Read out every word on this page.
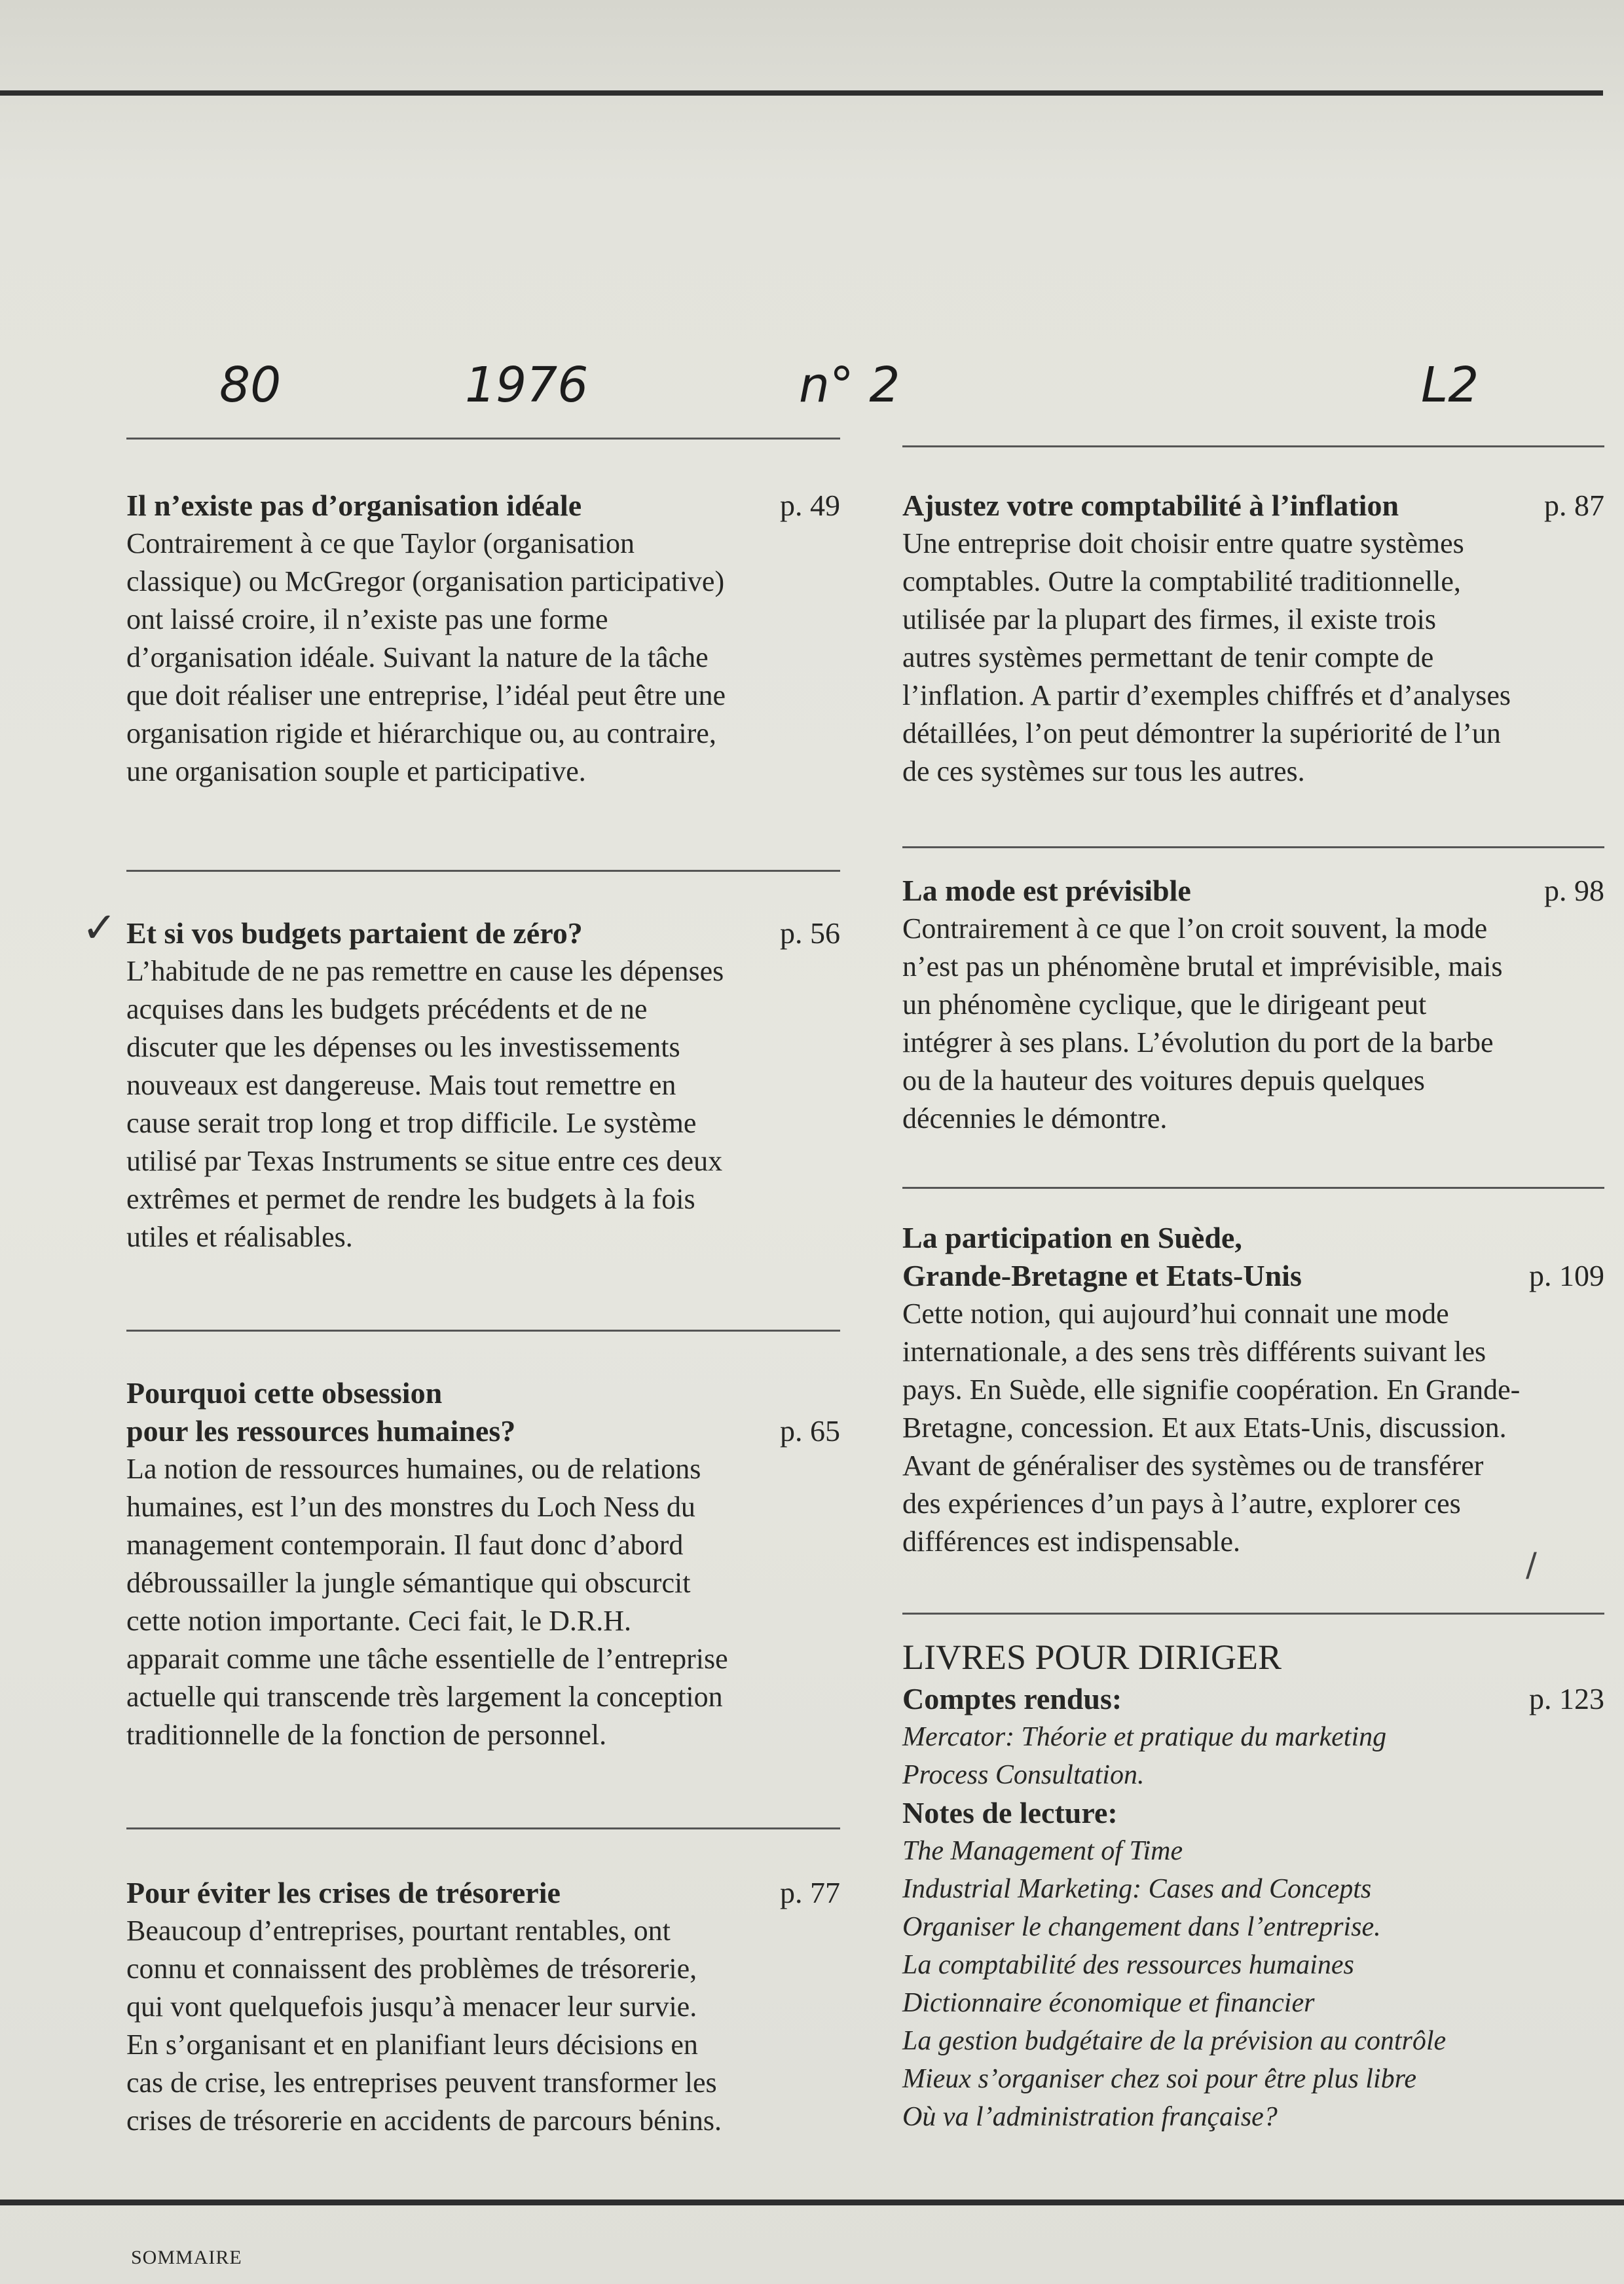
80	1976	n° 2	L2

Il n’existe pas d’organisation idéale	p. 49

Contrairement à ce que Taylor (organisation
classique) ou McGregor (organisation participative)
ont laissé croire, il n’existe pas une forme
d’organisation idéale. Suivant la nature de la tâche
que doit réaliser une entreprise, l’idéal peut être une
organisation rigide et hiérarchique ou, au contraire,
une organisation souple et participative.

Et si vos budgets partaient de zéro?	p. 56

L’habitude de ne pas remettre en cause les dépenses
acquises dans les budgets précédents et de ne
discuter que les dépenses ou les investissements
nouveaux est dangereuse. Mais tout remettre en
cause serait trop long et trop difficile. Le système
utilisé par Texas Instruments se situe entre ces deux
extrêmes et permet de rendre les budgets à la fois
utiles et réalisables.

Pourquoi cette obsession

pour les ressources humaines?	p. 65

La notion de ressources humaines, ou de relations
humaines, est l’un des monstres du Loch Ness du
management contemporain. Il faut donc d’abord
débroussailler la jungle sémantique qui obscurcit
cette notion importante. Ceci fait, le D.R.H.
apparait comme une tâche essentielle de l’entreprise
actuelle qui transcende très largement la conception
traditionnelle de la fonction de personnel.

Pour éviter les crises de trésorerie	p. 77

Beaucoup d’entreprises, pourtant rentables, ont
connu et connaissent des problèmes de trésorerie,
qui vont quelquefois jusqu’à menacer leur survie.
En s’organisant et en planifiant leurs décisions en
cas de crise, les entreprises peuvent transformer les
crises de trésorerie en accidents de parcours bénins.

Ajustez votre comptabilité à l’inflation	p. 87

Une entreprise doit choisir entre quatre systèmes
comptables. Outre la comptabilité traditionnelle,
utilisée par la plupart des firmes, il existe trois
autres systèmes permettant de tenir compte de
l’inflation. A partir d’exemples chiffrés et d’analyses
détaillées, l’on peut démontrer la supériorité de l’un
de ces systèmes sur tous les autres.

La mode est prévisible	p. 98

Contrairement à ce que l’on croit souvent, la mode
n’est pas un phénomène brutal et imprévisible, mais
un phénomène cyclique, que le dirigeant peut
intégrer à ses plans. L’évolution du port de la barbe
ou de la hauteur des voitures depuis quelques
décennies le démontre.

La participation en Suède,

Grande-Bretagne et Etats-Unis	p. 109

Cette notion, qui aujourd’hui connait une mode
internationale, a des sens très différents suivant les
pays. En Suède, elle signifie coopération. En Grande-
Bretagne, concession. Et aux Etats-Unis, discussion.
Avant de généraliser des systèmes ou de transférer
des expériences d’un pays à l’autre, explorer ces
différences est indispensable.

LIVRES POUR DIRIGER

Comptes rendus:	p. 123

Mercator: Théorie et pratique du marketing

Process Consultation.

Notes de lecture:

The Management of Time

Industrial Marketing: Cases and Concepts

Organiser le changement dans l’entreprise.

La comptabilité des ressources humaines

Dictionnaire économique et financier

La gestion budgétaire de la prévision au contrôle

Mieux s’organiser chez soi pour être plus libre

Où va l’administration française?

✓
/
SOMMAIRE
